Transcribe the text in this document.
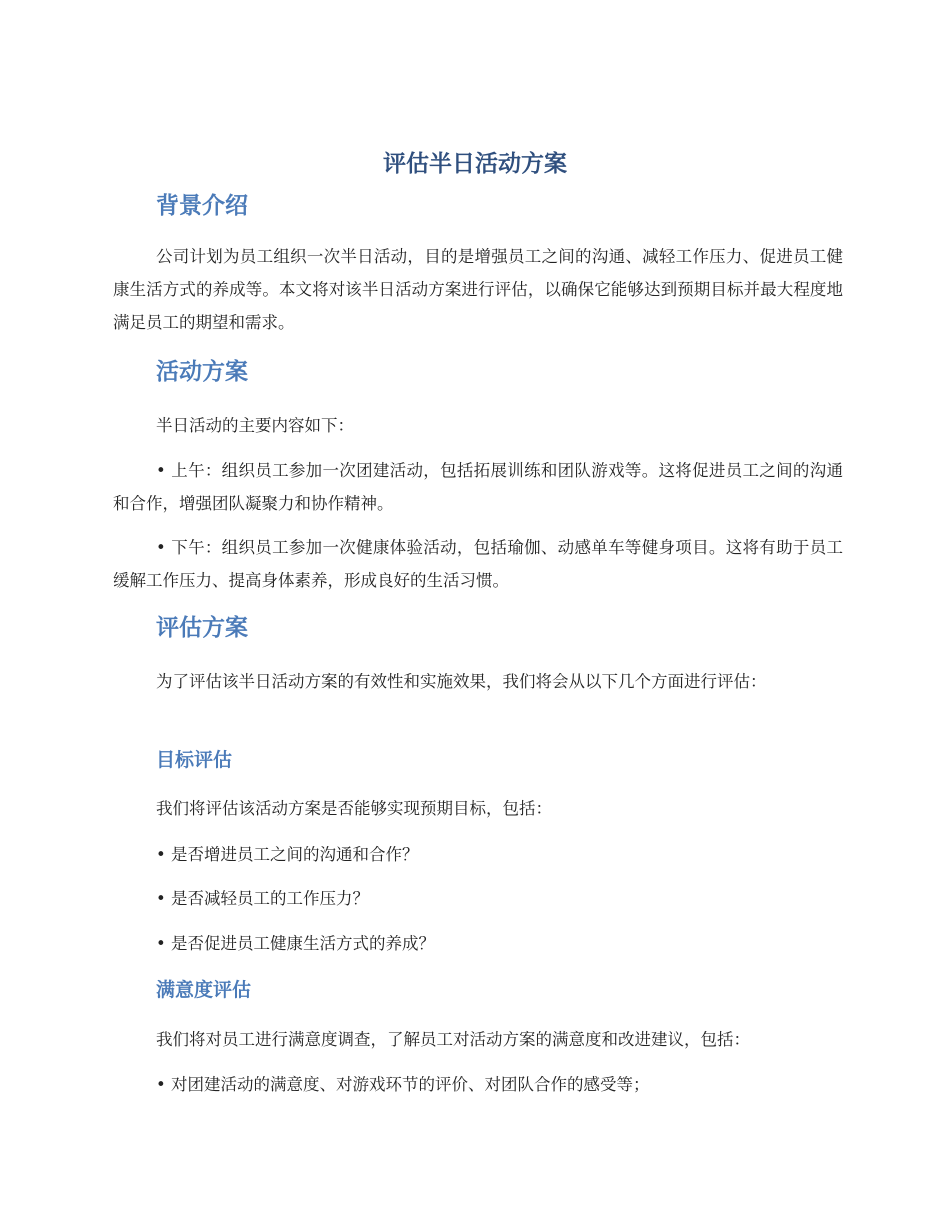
评估半日活动方案
背景介绍

公司计划为员工组织一次半日活动，目的是增强员工之间的沟通、减轻工作压力、促进员工健康生活方式的养成等。本文将对该半日活动方案进行评估，以确保它能够达到预期目标并最大程度地满足员工的期望和需求。

活动方案

半日活动的主要内容如下：

• 上午：组织员工参加一次团建活动，包括拓展训练和团队游戏等。这将促进员工之间的沟通和合作，增强团队凝聚力和协作精神。

• 下午：组织员工参加一次健康体验活动，包括瑜伽、动感单车等健身项目。这将有助于员工缓解工作压力、提高身体素养，形成良好的生活习惯。

评估方案

为了评估该半日活动方案的有效性和实施效果，我们将会从以下几个方面进行评估：

目标评估

我们将评估该活动方案是否能够实现预期目标，包括：

• 是否增进员工之间的沟通和合作？

• 是否减轻员工的工作压力？

• 是否促进员工健康生活方式的养成？

满意度评估

我们将对员工进行满意度调查，了解员工对活动方案的满意度和改进建议，包括：

• 对团建活动的满意度、对游戏环节的评价、对团队合作的感受等；
